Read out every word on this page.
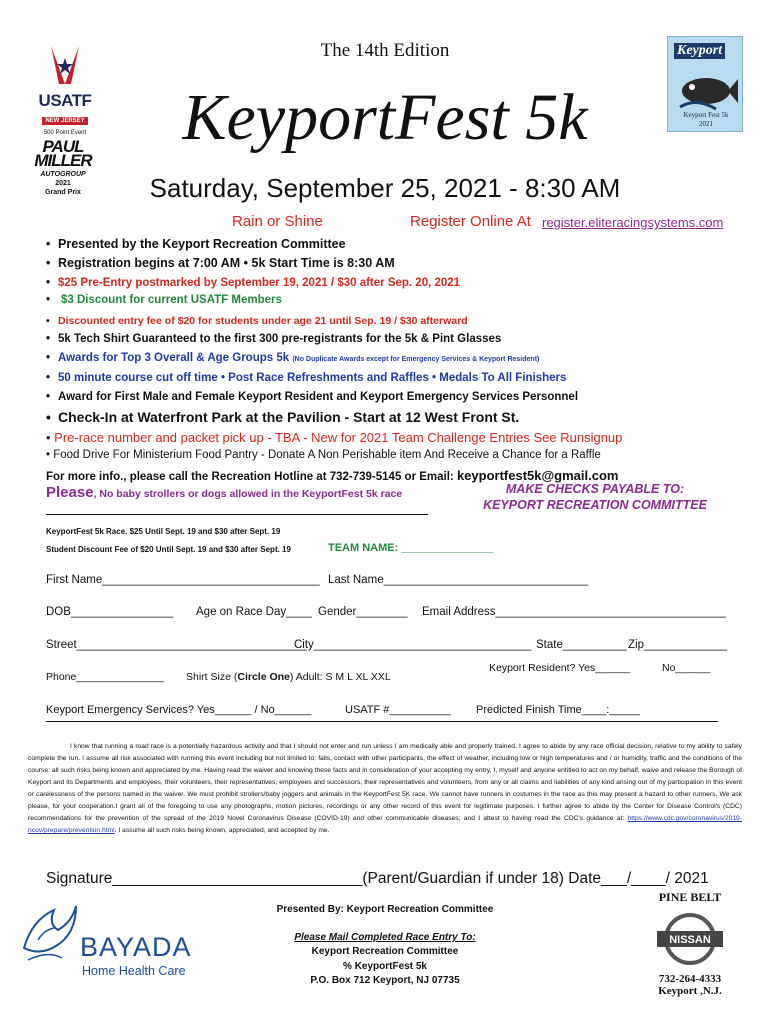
USATF
NEW JERSEY
500 Point Event
PAUL MILLER
AUTOGROUP
2021
Grand Prix
Keyport
Keyport Fest 5k
2021
The 14th Edition
KeyportFest 5k
Saturday, September 25, 2021 - 8:30 AM
Rain or Shine	Register Online At register.eliteracingsystems.com
• Presented by the Keyport Recreation Committee
• Registration begins at 7:00 AM • 5k Start Time is 8:30 AM
• $25 Pre-Entry postmarked by September 19, 2021 / $30 after Sep. 20, 2021
• $3 Discount for current USATF Members
• Discounted entry fee of $20 for students under age 21 until Sep. 19 / $30 afterward
• 5k Tech Shirt Guaranteed to the first 300 pre-registrants for the 5k & Pint Glasses
• Awards for Top 3 Overall & Age Groups 5k (No Duplicate Awards except for Emergency Services & Keyport Resident)
• 50 minute course cut off time • Post Race Refreshments and Raffles • Medals To All Finishers
• Award for First Male and Female Keyport Resident and Keyport Emergency Services Personnel
• Check-In at Waterfront Park at the Pavilion - Start at 12 West Front St.
• Pre-race number and packet pick up - TBA - New for 2021 Team Challenge Entries See Runsignup
• Food Drive For Ministerium Food Pantry - Donate A Non Perishable item And Receive a Chance for a Raffle
For more info., please call the Recreation Hotline at 732-739-5145 or Email: keyportfest5k@gmail.com
Please, No baby strollers or dogs allowed in the KeyportFest 5k race	MAKE CHECKS PAYABLE TO:
KEYPORT RECREATION COMMITTEE
KeyportFest 5k Race. $25 Until Sept. 19 and $30 after Sept. 19
Student Discount Fee of $20 Until Sept. 19 and $30 after Sept. 19	TEAM NAME: _______________
First Name__________________________________ Last Name________________________________
DOB________________ Age on Race Day____ Gender________ Email Address____________________________________
Street____________________________________
City__________________________________ State__________ Zip_____________
Keyport Resident? Yes______	No______
Phone_______________ Shirt Size (Circle One) Adult: S M L XL XXL
Keyport Emergency Services? Yes______ / No______	USATF #__________ Predicted Finish Time____:_____
I know that running a road race is a potentially hazardous activity and that I should not enter and run unless I am medically able and properly trained. I agree to abide by any race official decision, relative to my ability to safely complete the run. I assume all risk associated with running this event including but not limited to: falls, contact with other participants, the effect of weather, including low or high temperatures and / or humidity, traffic and the conditions of the course: all such risks being known and appreciated by me. Having read the waiver and knowing these facts and in consideration of your accepting my entry, I, myself and anyone entitled to act on my behalf, waive and release the Borough of Keyport and its Departments and employees, their volunteers, their representatives, employees and successors, their representatives and volunteers, from any or all claims and liabilities of any kind arising out of my participation in this event or carelessness of the persons named in the waiver. We must prohibit strollers/baby joggers and animals in the KeyportFest 5K race. We cannot have runners in costumes in the race as this may present a hazard to other runners. We ask please, for your cooperation.I grant all of the foregoing to use any photographs, motion pictures, recordings or any other record of this event for legitimate purposes. I further agree to abide by the Center for Disease Control's (CDC) recommendations for the prevention of the spread of the 2019 Novel Coronavirus Disease (COVID-19) and other communicable diseases; and I attest to having read the CDC's guidance at: https://www.cdc.gov/coronavirus/2019-ncov/prepare/prevention.html. I assume all such risks being known, appreciated, and accepted by me.
Signature_____________________________(Parent/Guardian if under 18) Date___/____/ 2021
Presented By: Keyport Recreation Committee
Please Mail Completed Race Entry To:
Keyport Recreation Committee
% KeyportFest 5k
P.O. Box 712 Keyport, NJ 07735
BAYADA
Home Health Care
PINE BELT
NISSAN
732-264-4333
Keyport ,N.J.
